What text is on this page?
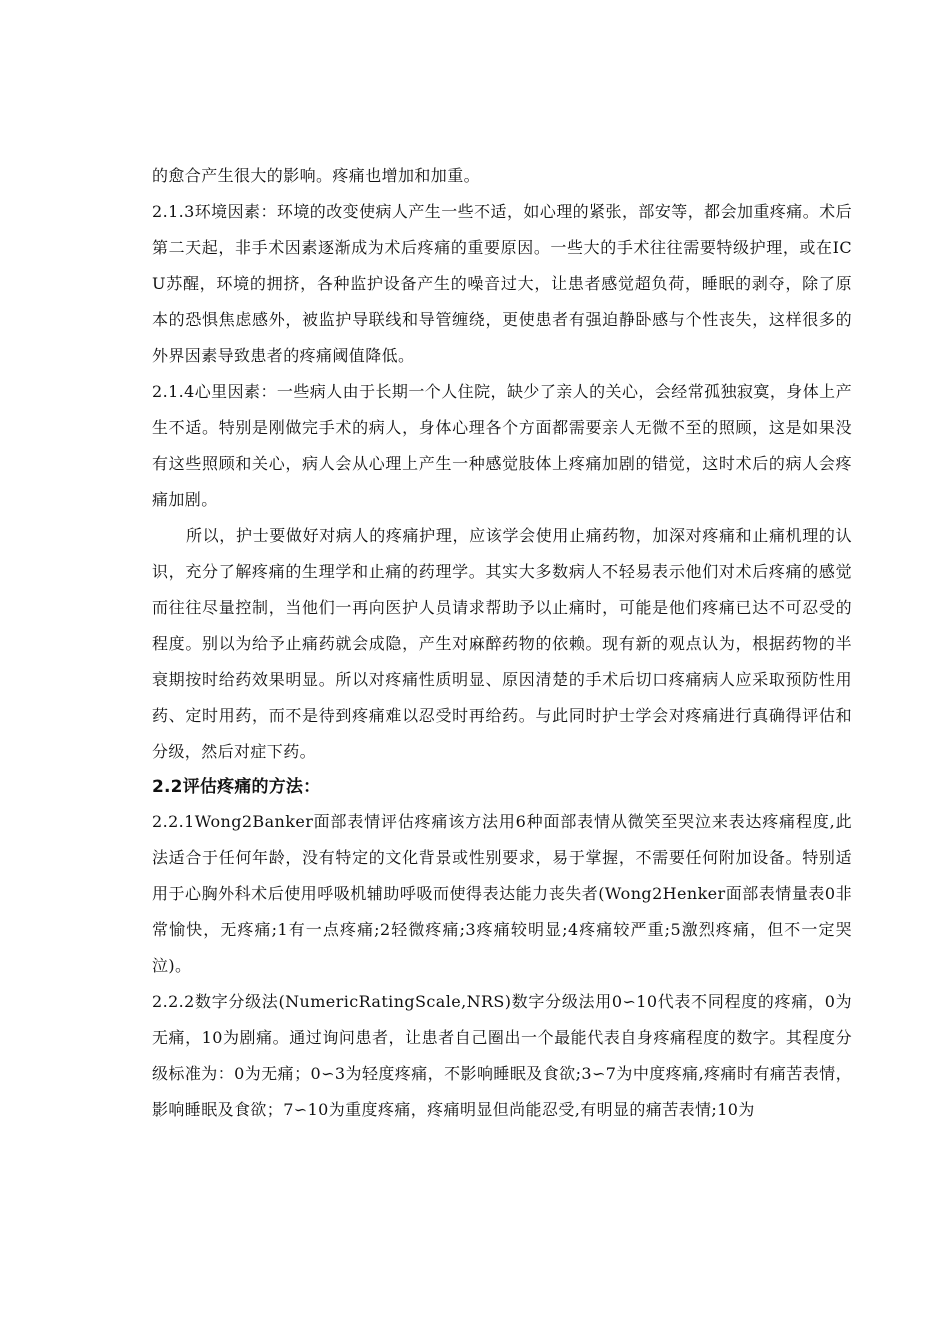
的愈合产生很大的影响。疼痛也增加和加重。

2.1.3环境因素：环境的改变使病人产生一些不适，如心理的紧张，部安等，都会加重疼痛。术后第二天起，非手术因素逐渐成为术后疼痛的重要原因。一些大的手术往往需要特级护理，或在ICU苏醒，环境的拥挤，各种监护设备产生的噪音过大，让患者感觉超负荷，睡眠的剥夺，除了原本的恐惧焦虑感外，被监护导联线和导管缠绕，更使患者有强迫静卧感与个性丧失，这样很多的外界因素导致患者的疼痛阈值降低。

2.1.4心里因素：一些病人由于长期一个人住院，缺少了亲人的关心，会经常孤独寂寞，身体上产生不适。特别是刚做完手术的病人，身体心理各个方面都需要亲人无微不至的照顾，这是如果没有这些照顾和关心，病人会从心理上产生一种感觉肢体上疼痛加剧的错觉，这时术后的病人会疼痛加剧。

所以，护士要做好对病人的疼痛护理，应该学会使用止痛药物，加深对疼痛和止痛机理的认识，充分了解疼痛的生理学和止痛的药理学。其实大多数病人不轻易表示他们对术后疼痛的感觉而往往尽量控制，当他们一再向医护人员请求帮助予以止痛时，可能是他们疼痛已达不可忍受的程度。别以为给予止痛药就会成隐，产生对麻醉药物的依赖。现有新的观点认为，根据药物的半衰期按时给药效果明显。所以对疼痛性质明显、原因清楚的手术后切口疼痛病人应采取预防性用药、定时用药，而不是待到疼痛难以忍受时再给药。与此同时护士学会对疼痛进行真确得评估和分级，然后对症下药。

2.2评估疼痛的方法：

2.2.1Wong2Banker面部表情评估疼痛该方法用6种面部表情从微笑至哭泣来表达疼痛程度,此法适合于任何年龄，没有特定的文化背景或性别要求，易于掌握，不需要任何附加设备。特别适用于心胸外科术后使用呼吸机辅助呼吸而使得表达能力丧失者(Wong2Henker面部表情量表0非常愉快，无疼痛;1有一点疼痛;2轻微疼痛;3疼痛较明显;4疼痛较严重;5激烈疼痛，但不一定哭泣)。

2.2.2数字分级法(NumericRatingScale,NRS)数字分级法用0∽10代表不同程度的疼痛，0为无痛，10为剧痛。通过询问患者，让患者自己圈出一个最能代表自身疼痛程度的数字。其程度分级标准为：0为无痛；0∽3为轻度疼痛，不影响睡眠及食欲;3∽7为中度疼痛,疼痛时有痛苦表情，影响睡眠及食欲；7∽10为重度疼痛，疼痛明显但尚能忍受,有明显的痛苦表情;10为
